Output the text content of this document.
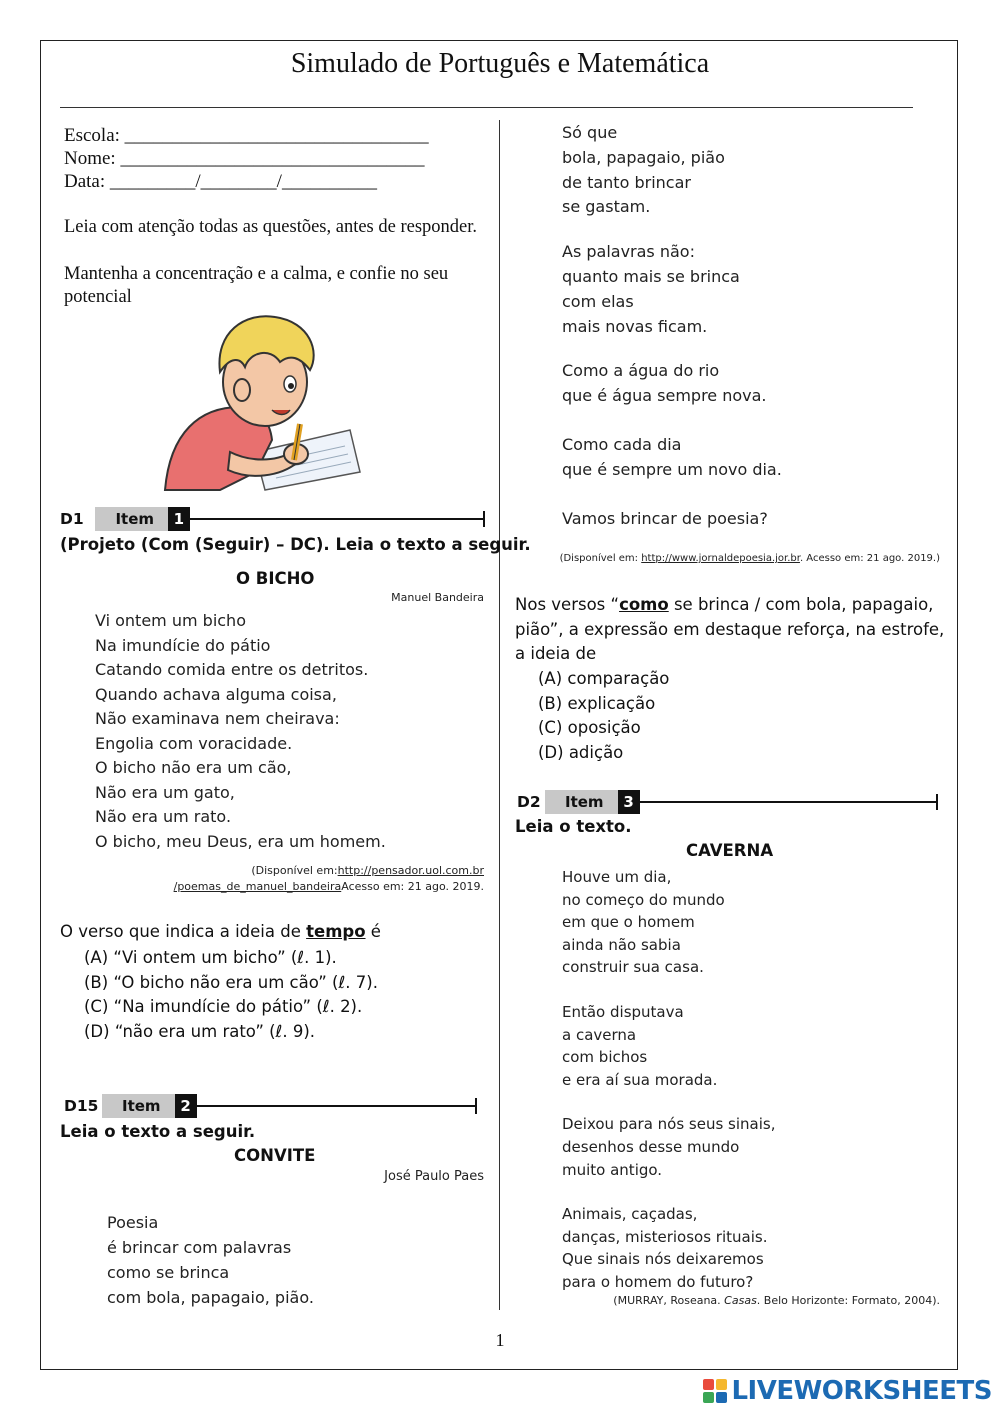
Simulado de Português e Matemática
Escola: ________________________________
Nome: ________________________________
Data: _________/________/__________
Leia com atenção todas as questões, antes de responder.
Mantenha a concentração e a calma, e confie no seu potencial
D1	Item	1
(Projeto (Com (Seguir) – DC). Leia o texto a seguir.
O BICHO
Manuel Bandeira
Vi ontem um bicho
Na imundície do pátio
Catando comida entre os detritos.
Quando achava alguma coisa,
Não examinava nem cheirava:
Engolia com voracidade.
O bicho não era um cão,
Não era um gato,
Não era um rato.
O bicho, meu Deus, era um homem.
(Disponível em:http://pensador.uol.com.br
/poemas_de_manuel_bandeiraAcesso em: 21 ago. 2019.
O verso que indica a ideia de tempo é
(A) “Vi ontem um bicho” (ℓ. 1).
(B) “O bicho não era um cão” (ℓ. 7).
(C) “Na imundície do pátio” (ℓ. 2).
(D) “não era um rato” (ℓ. 9).
D15	Item	2
Leia o texto a seguir.
CONVITE
José Paulo Paes
Poesia
é brincar com palavras
como se brinca
com bola, papagaio, pião.
Só que
bola, papagaio, pião
de tanto brincar
se gastam.
As palavras não:
quanto mais se brinca
com elas
mais novas ficam.
Como a água do rio
que é água sempre nova.
Como cada dia
que é sempre um novo dia.
Vamos brincar de poesia?
(Disponível em: http://www.jornaldepoesia.jor.br. Acesso em: 21 ago. 2019.)
Nos versos “como se brinca / com bola, papagaio,
pião”, a expressão em destaque reforça, na estrofe,
a ideia de
(A) comparação
(B) explicação
(C) oposição
(D) adição
D2	Item	3
Leia o texto.
CAVERNA
Houve um dia,
no começo do mundo
em que o homem
ainda não sabia
construir sua casa.
Então disputava
a caverna
com bichos
e era aí sua morada.
Deixou para nós seus sinais,
desenhos desse mundo
muito antigo.
Animais, caçadas,
danças, misteriosos rituais.
Que sinais nós deixaremos
para o homem do futuro?
(MURRAY, Roseana. Casas. Belo Horizonte: Formato, 2004).
1
LIVEWORKSHEETS
